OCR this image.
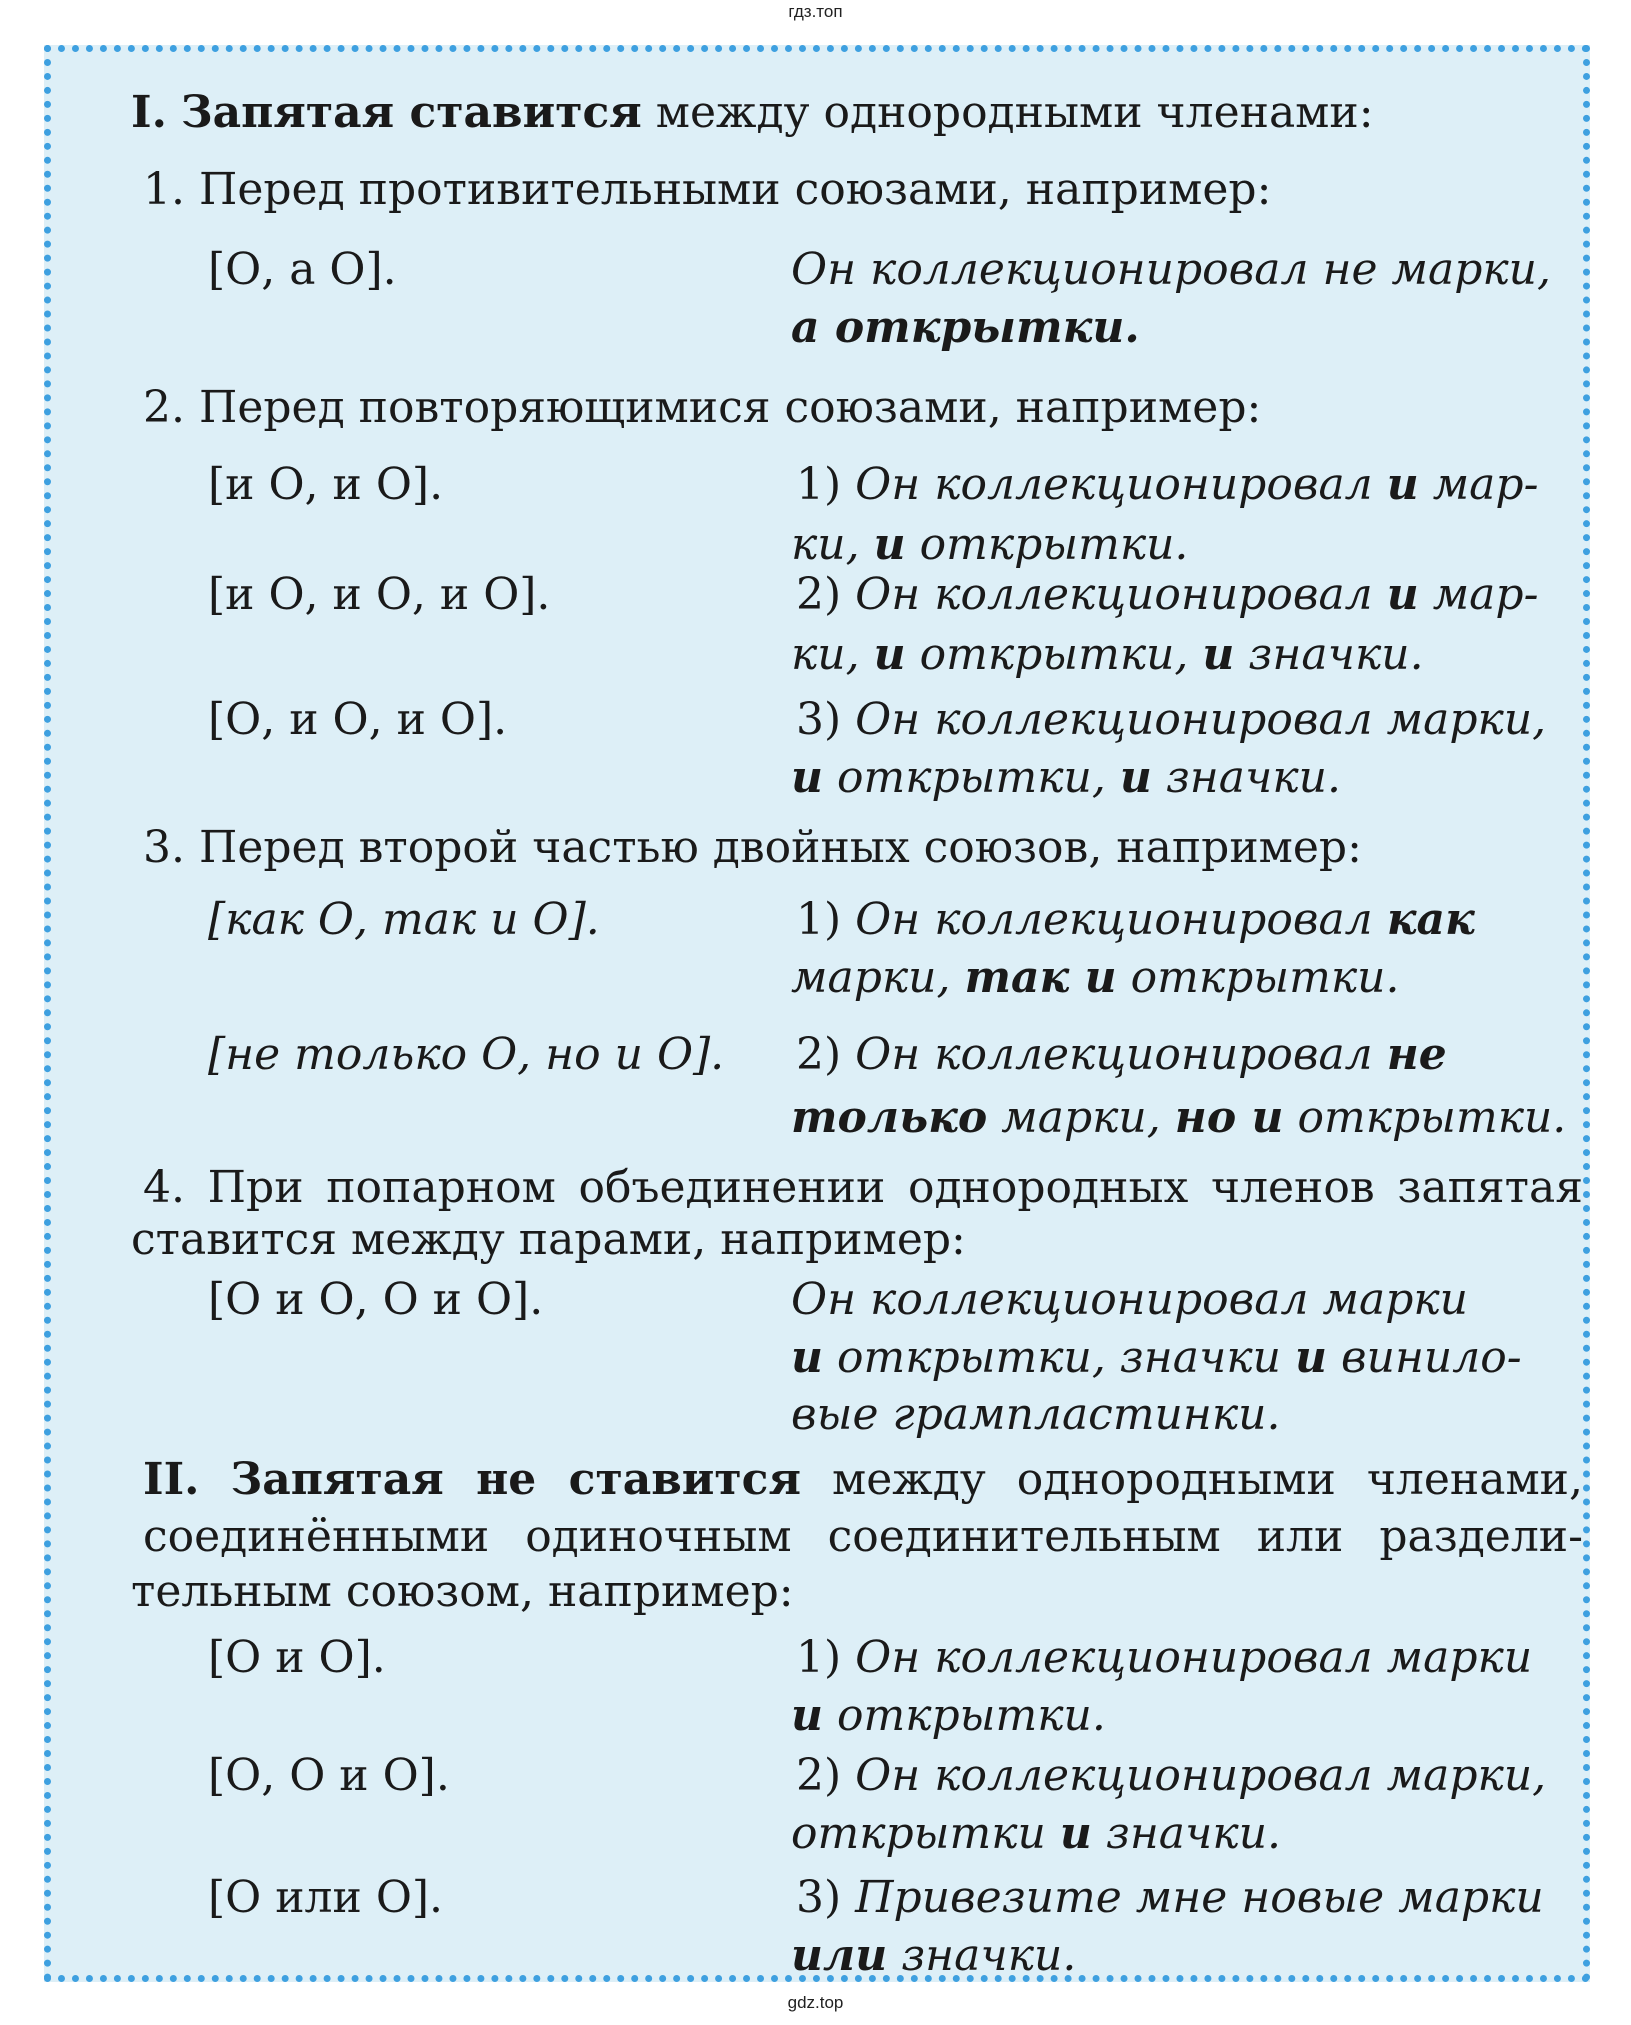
гдз.топ
I. Запятая ставится между однородными членами:
1. Перед противительными союзами, например:
[О, а О].	Он коллекционировал не марки,
а открытки.
2. Перед повторяющимися союзами, например:
[и О, и О].	1) Он коллекционировал и мар-
ки, и открытки.
[и О, и О, и О].	2) Он коллекционировал и мар-
ки, и открытки, и значки.
[О, и О, и О].	3) Он коллекционировал марки,
и открытки, и значки.
3. Перед второй частью двойных союзов, например:
[как О, так и О].	1) Он коллекционировал как
марки, так и открытки.
[не только О, но и О]. 2) Он коллекционировал не
только марки, но и открытки.
4. При попарном объединении однородных членов запятая
ставится между парами, например:
[О и О, О и О].	Он коллекционировал марки
и открытки, значки и винило-
вые грампластинки.
II. Запятая не ставится между однородными членами,
соединёнными одиночным соединительным или раздели-
тельным союзом, например:
[О и О].	1) Он коллекционировал марки
и открытки.
[О, О и О].	2) Он коллекционировал марки,
открытки и значки.
[О или О].	3) Привезите мне новые марки
или значки.
gdz.top
